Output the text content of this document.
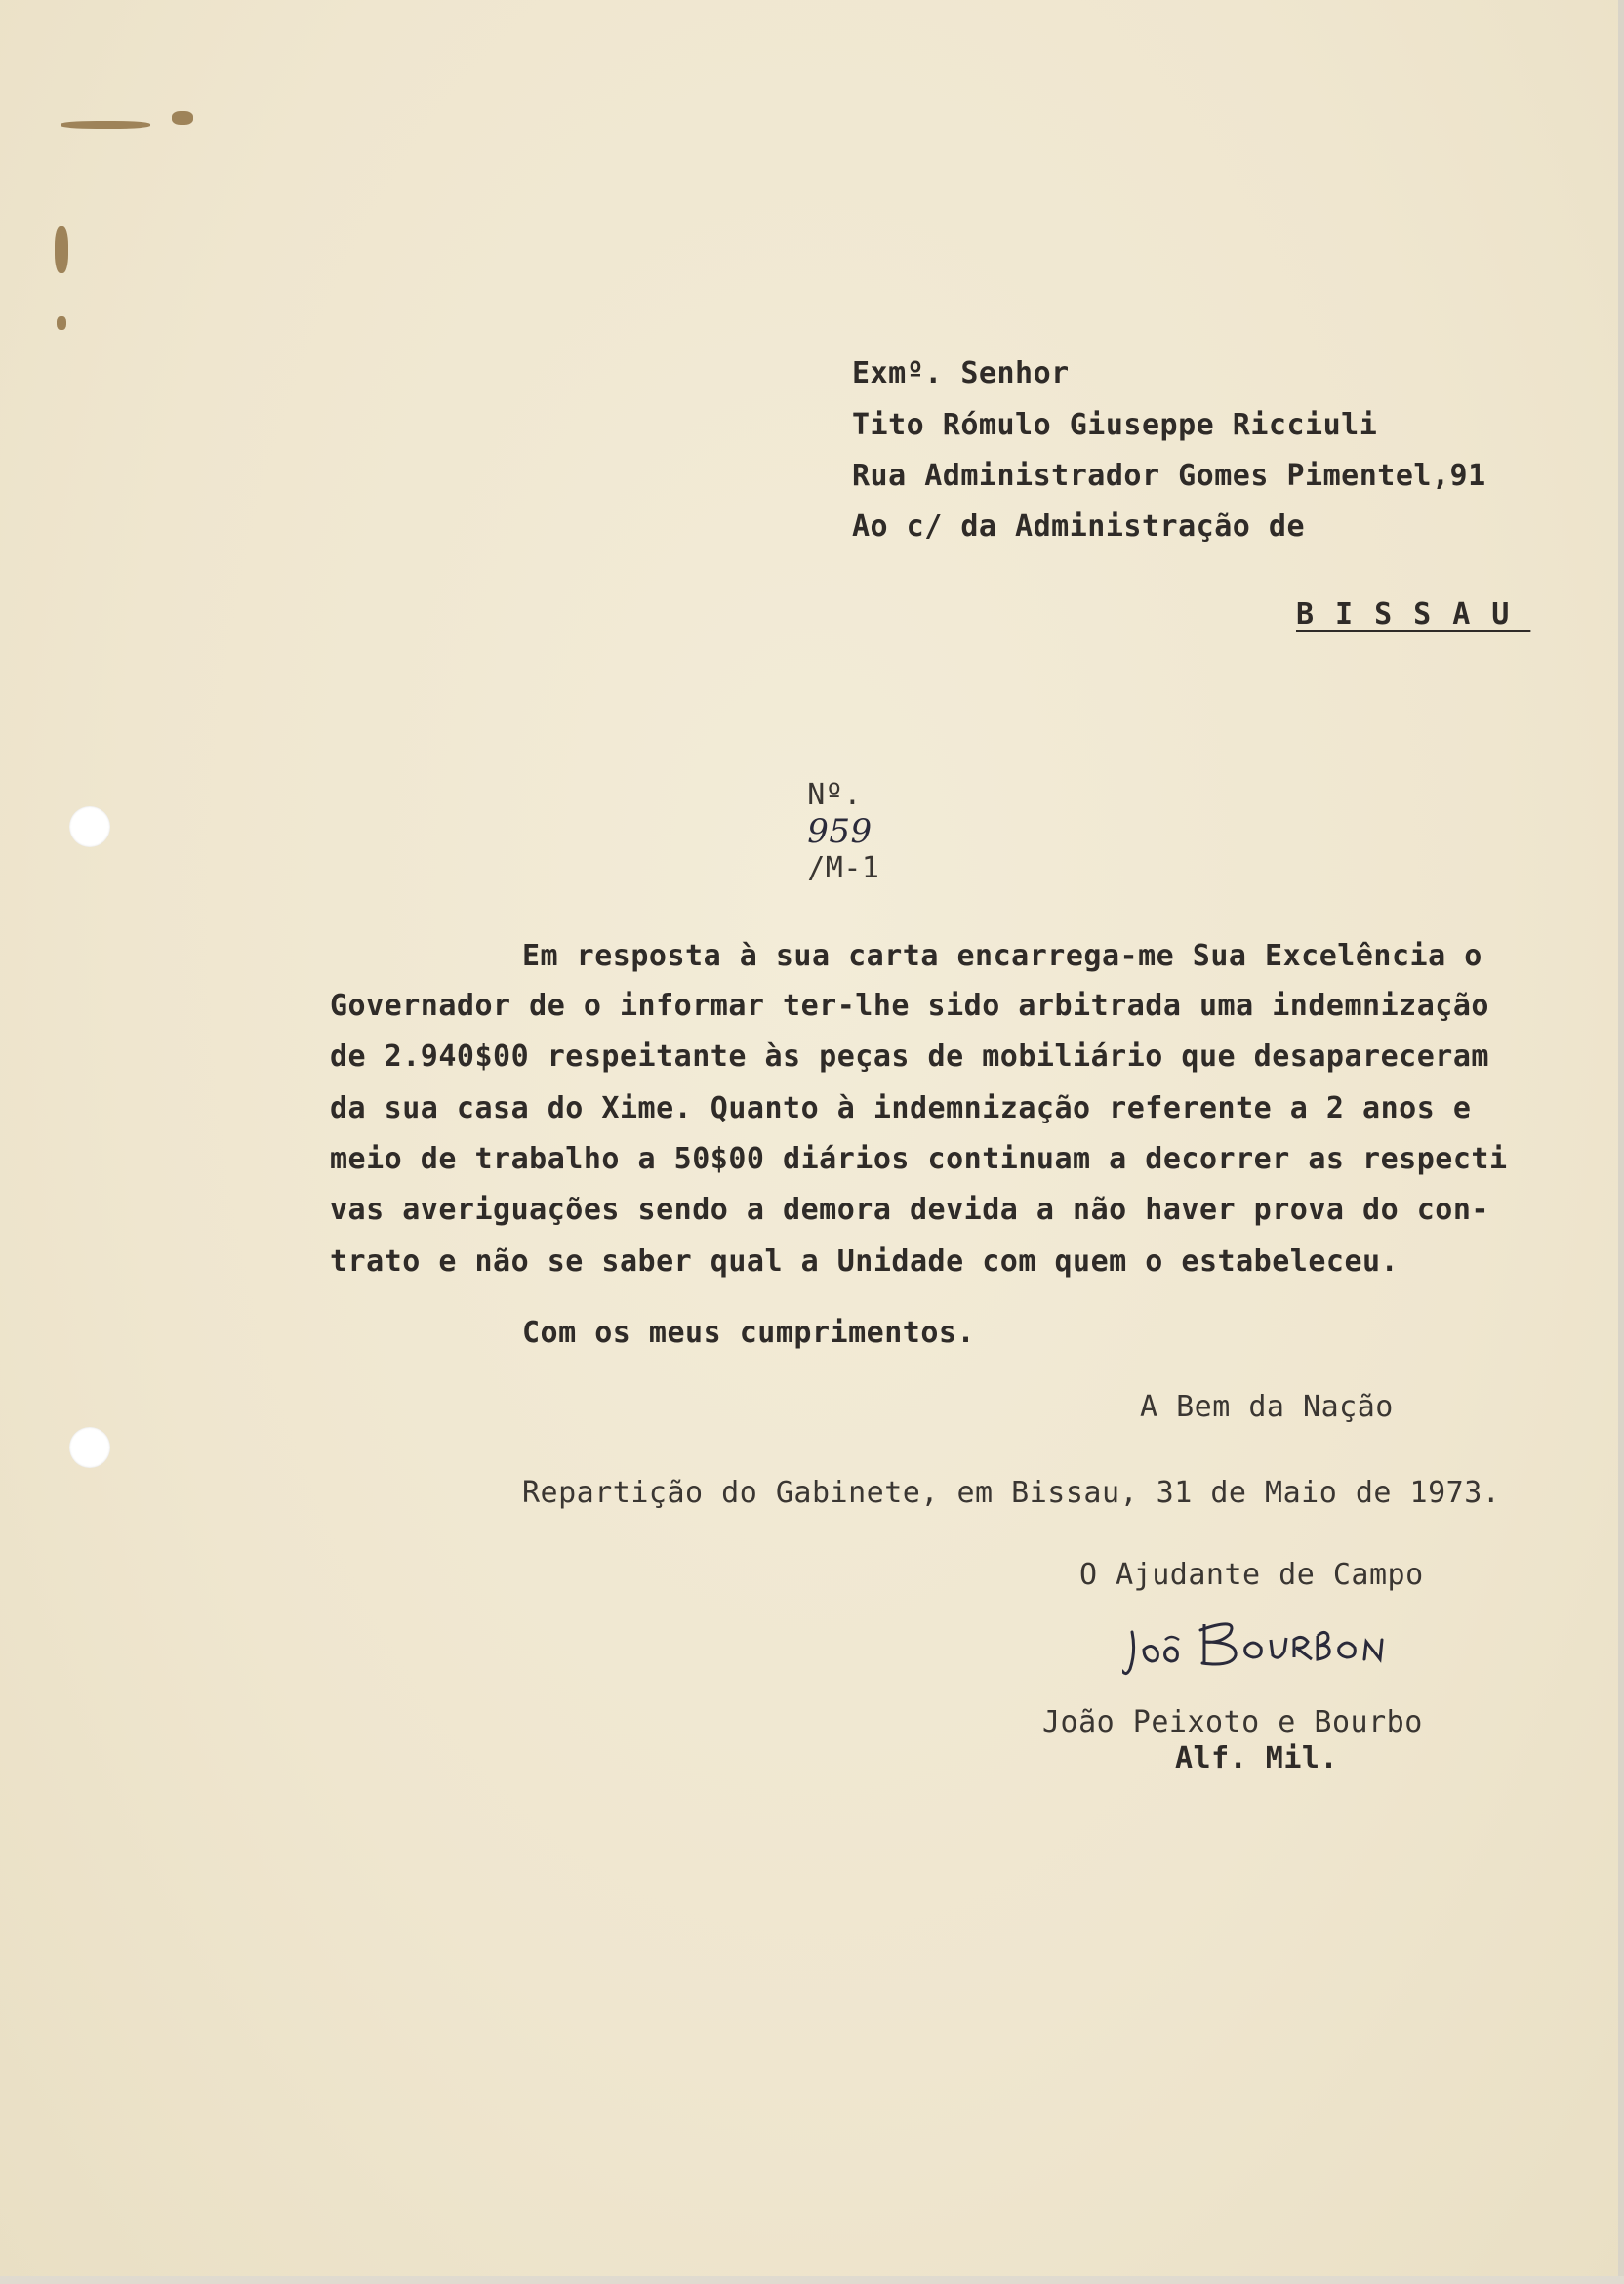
Exmº. Senhor
Tito Rómulo Giuseppe Ricciuli
Rua Administrador Gomes Pimentel,91
Ao c/ da Administração de
BISSAU

Nº.
959
/M-1

Em resposta à sua carta encarrega-me Sua Excelência o
Governador de o informar ter-lhe sido arbitrada uma indemnização
de 2.940$00 respeitante às peças de mobiliário que desapareceram
da sua casa do Xime. Quanto à indemnização referente a 2 anos e
meio de trabalho a 50$00 diários continuam a decorrer as respecti
vas averiguações sendo a demora devida a não haver prova do con-
trato e não se saber qual a Unidade com quem o estabeleceu.
Com os meus cumprimentos.
A Bem da Nação
Repartição do Gabinete, em Bissau, 31 de Maio de 1973.
O Ajudante de Campo
João Peixoto e Bourbo
Alf. Mil.
